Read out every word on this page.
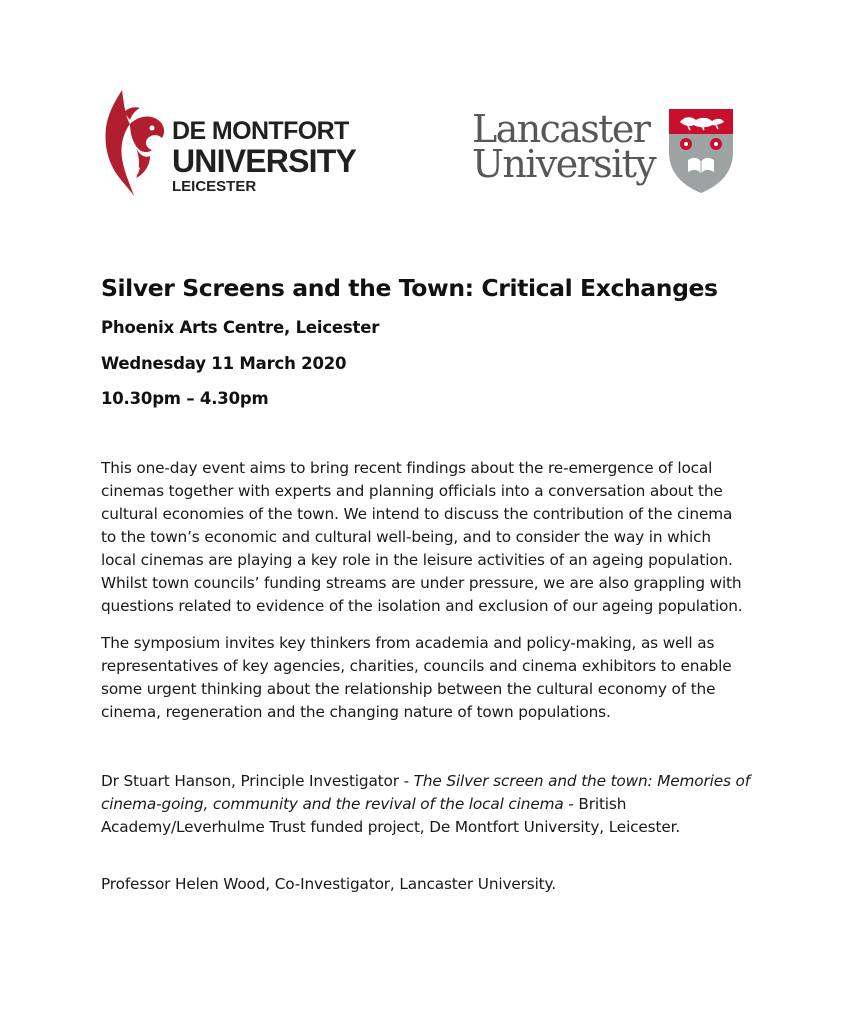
DE MONTFORT
UNIVERSITY
LEICESTER
Lancaster
University
Silver Screens and the Town: Critical Exchanges
Phoenix Arts Centre, Leicester
Wednesday 11 March 2020
10.30pm – 4.30pm
This one-day event aims to bring recent findings about the re-emergence of local
cinemas together with experts and planning officials into a conversation about the
cultural economies of the town. We intend to discuss the contribution of the cinema
to the town’s economic and cultural well-being, and to consider the way in which
local cinemas are playing a key role in the leisure activities of an ageing population.
Whilst town councils’ funding streams are under pressure, we are also grappling with
questions related to evidence of the isolation and exclusion of our ageing population.
The symposium invites key thinkers from academia and policy-making, as well as
representatives of key agencies, charities, councils and cinema exhibitors to enable
some urgent thinking about the relationship between the cultural economy of the
cinema, regeneration and the changing nature of town populations.
Dr Stuart Hanson, Principle Investigator - The Silver screen and the town: Memories of
cinema-going, community and the revival of the local cinema - British
Academy/Leverhulme Trust funded project, De Montfort University, Leicester.
Professor Helen Wood, Co-Investigator, Lancaster University.
